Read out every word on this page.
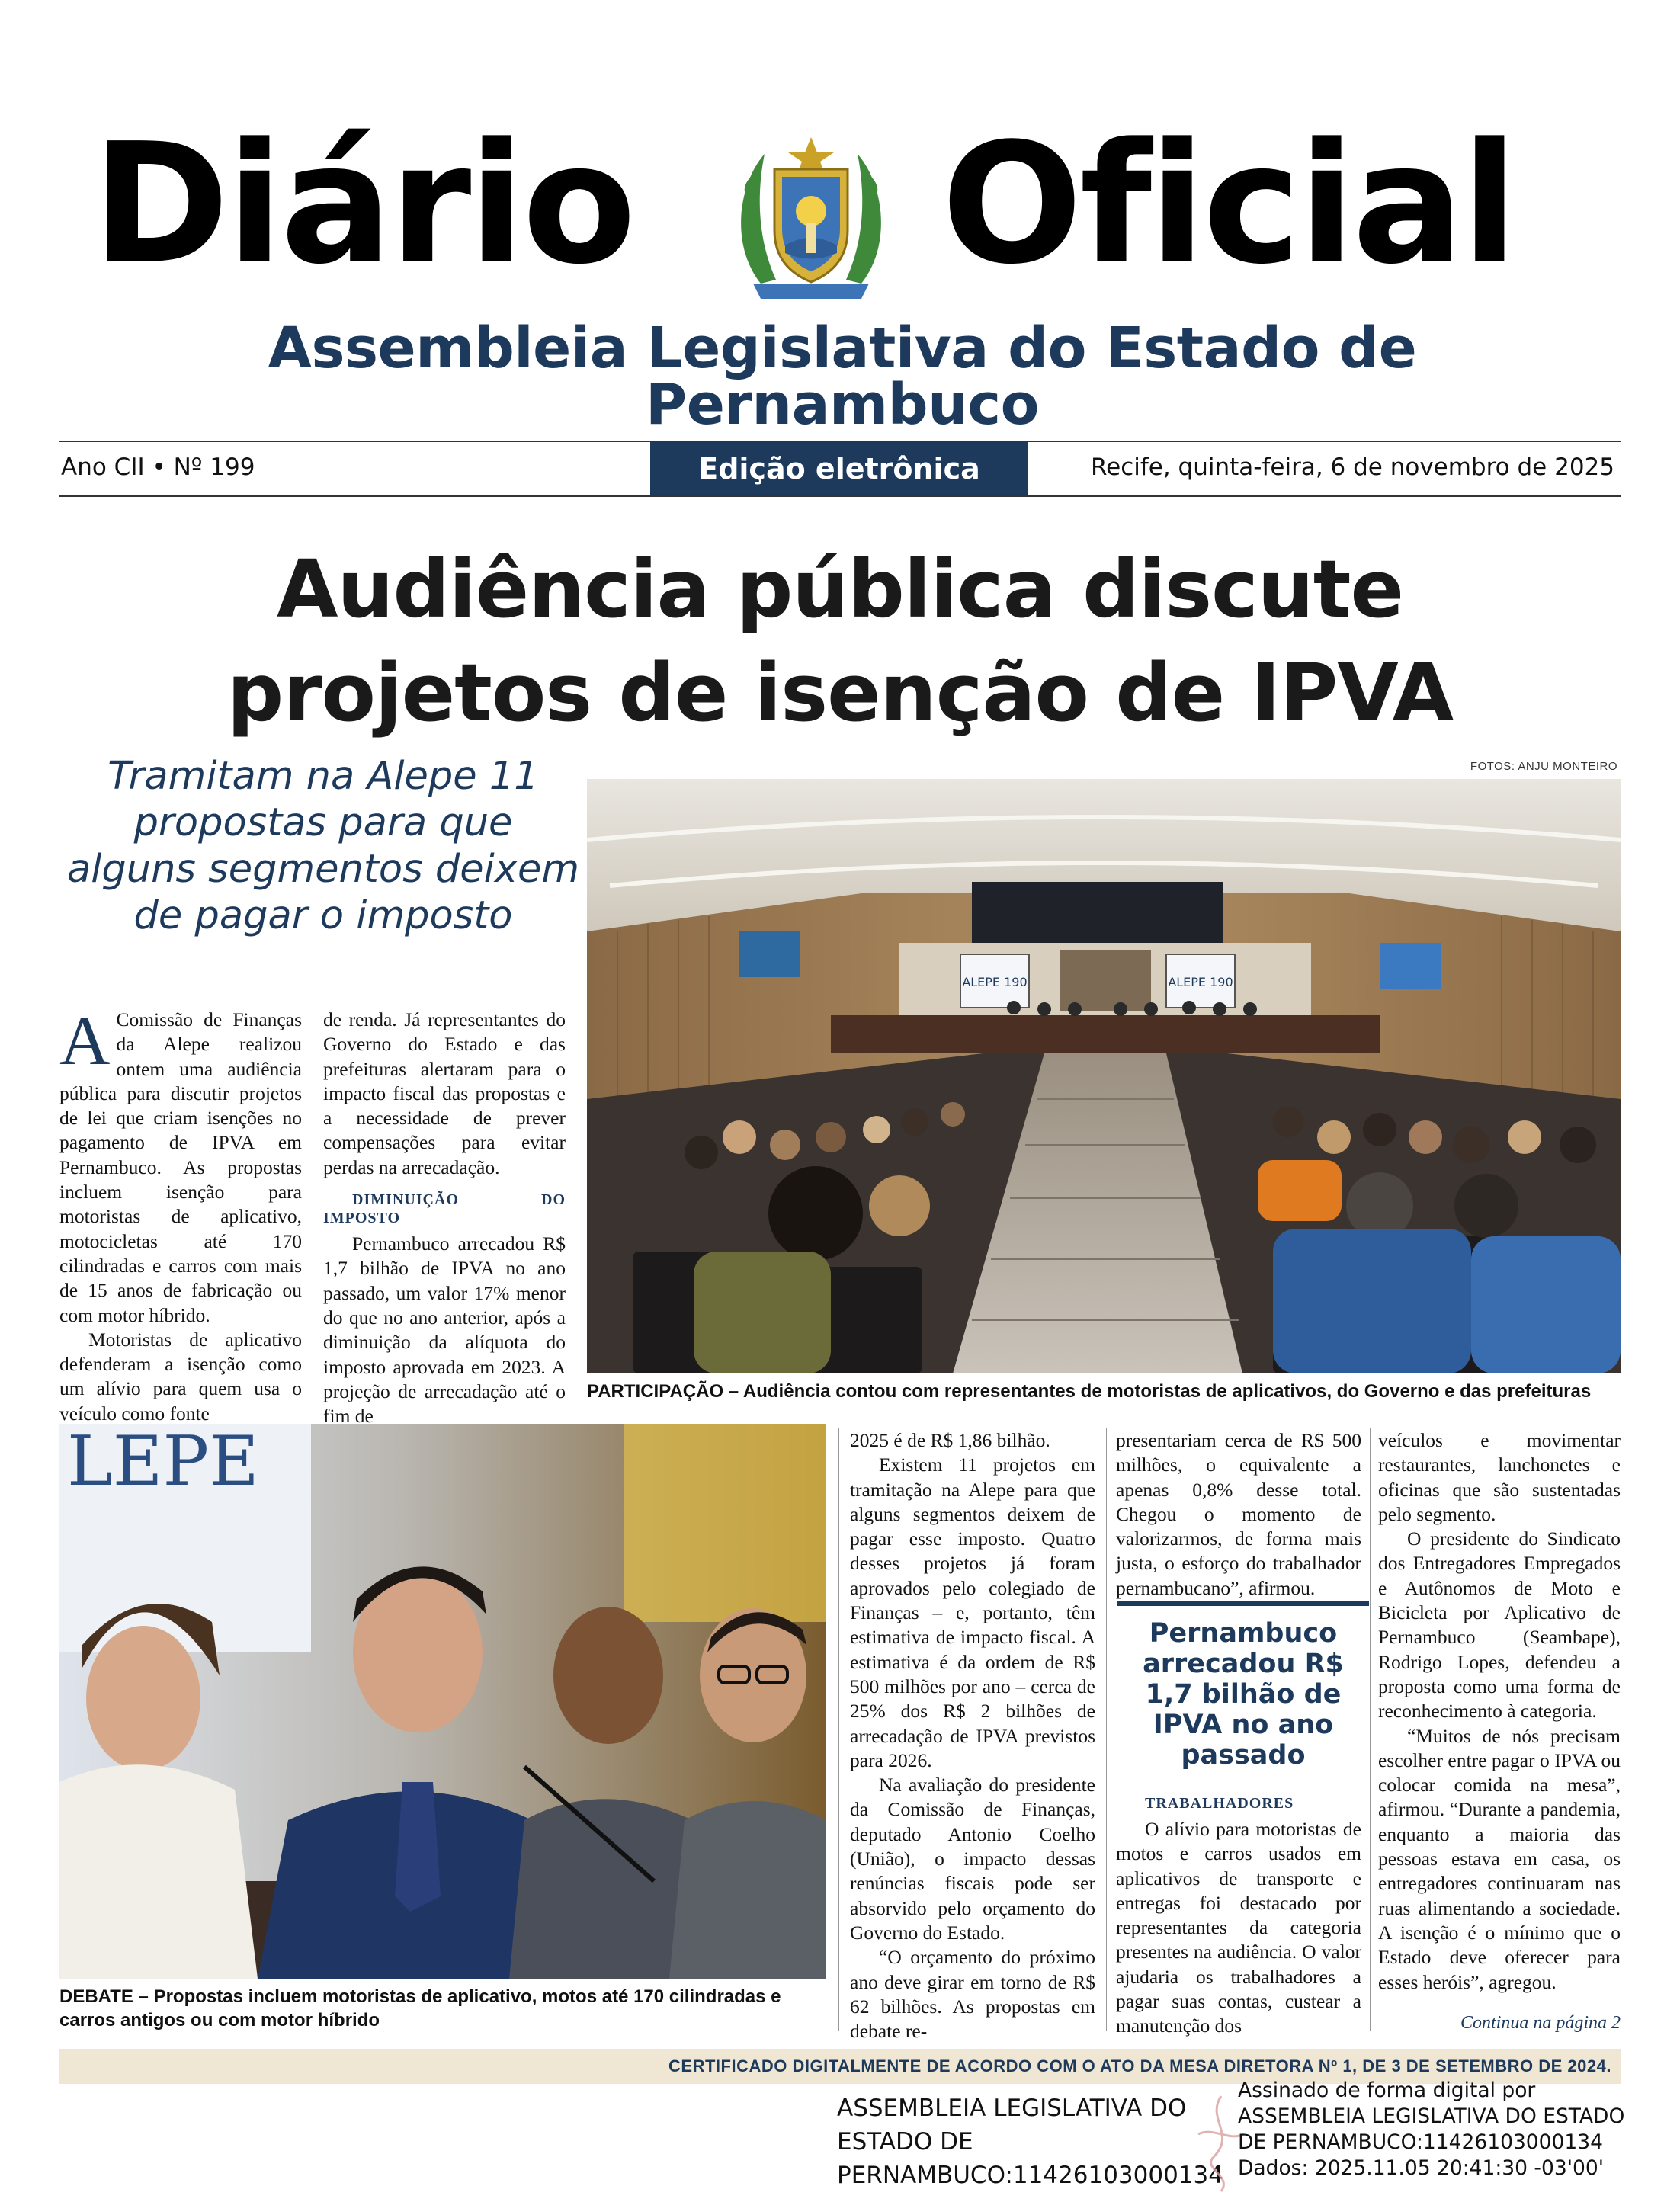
Diário Oficial
Assembleia Legislativa do Estado de Pernambuco
Ano CII • Nº 199	Edição eletrônica	Recife, quinta-feira, 6 de novembro de 2025
Audiência pública discute
projetos de isenção de IPVA
Tramitam na Alepe 11 propostas para que alguns segmentos deixem de pagar o imposto
FOTOS: ANJU MONTEIRO
ALEPE 190	ALEPE 190
PARTICIPAÇÃO – Audiência contou com representantes de motoristas de aplicativos, do Governo e das prefeituras
LEPE
DEBATE – Propostas incluem motoristas de aplicativo, motos até 170 cilindradas e carros antigos ou com motor híbrido

A Comissão de Finanças da Alepe realizou ontem uma audiência pública para discutir projetos de lei que criam isenções no pagamento de IPVA em Pernambuco. As propostas incluem isenção para motoristas de aplicativo, motocicletas até 170 cilindradas e carros com mais de 15 anos de fabricação ou com motor híbrido.

Motoristas de aplicativo defenderam a isenção como um alívio para quem usa o veículo como fonte

de renda. Já representantes do Governo do Estado e das prefeituras alertaram para o impacto fiscal das propostas e a necessidade de prever compensações para evitar perdas na arrecadação.

DIMINUIÇÃO DO IMPOSTO

Pernambuco arrecadou R$ 1,7 bilhão de IPVA no ano passado, um valor 17% menor do que no ano anterior, após a diminuição da alíquota do imposto aprovada em 2023. A projeção de arrecadação até o fim de

2025 é de R$ 1,86 bilhão.

Existem 11 projetos em tramitação na Alepe para que alguns segmentos deixem de pagar esse imposto. Quatro desses projetos já foram aprovados pelo colegiado de Finanças – e, portanto, têm estimativa de impacto fiscal. A estimativa é da ordem de R$ 500 milhões por ano – cerca de 25% dos R$ 2 bilhões de arrecadação de IPVA previstos para 2026.

Na avaliação do presidente da Comissão de Finanças, deputado Antonio Coelho (União), o impacto dessas renúncias fiscais pode ser absorvido pelo orçamento do Governo do Estado.

“O orçamento do próximo ano deve girar em torno de R$ 62 bilhões. As propostas em debate re-

presentariam cerca de R$ 500 milhões, o equivalente a apenas 0,8% desse total. Chegou o momento de valorizarmos, de forma mais justa, o esforço do trabalhador pernambucano”, afirmou.

Pernambuco arrecadou R$ 1,7 bilhão de IPVA no ano passado

TRABALHADORES

O alívio para motoristas de motos e carros usados em aplicativos de transporte e entregas foi destacado por representantes da categoria presentes na audiência. O valor ajudaria os trabalhadores a pagar suas contas, custear a manutenção dos

veículos e movimentar restaurantes, lanchonetes e oficinas que são sustentadas pelo segmento.

O presidente do Sindicato dos Entregadores Empregados e Autônomos de Moto e Bicicleta por Aplicativo de Pernambuco (Seambape), Rodrigo Lopes, defendeu a proposta como uma forma de reconhecimento à categoria.

“Muitos de nós precisam escolher entre pagar o IPVA ou colocar comida na mesa”, afirmou. “Durante a pandemia, enquanto a maioria das pessoas estava em casa, os entregadores continuaram nas ruas alimentando a sociedade. A isenção é o mínimo que o Estado deve oferecer para esses heróis”, agregou.

Continua na página 2
CERTIFICADO DIGITALMENTE DE ACORDO COM O ATO DA MESA DIRETORA Nº 1, DE 3 DE SETEMBRO DE 2024.
ASSEMBLEIA LEGISLATIVA DO
ESTADO DE
PERNAMBUCO:11426103000134
Assinado de forma digital por
ASSEMBLEIA LEGISLATIVA DO ESTADO
DE PERNAMBUCO:11426103000134
Dados: 2025.11.05 20:41:30 -03'00'
